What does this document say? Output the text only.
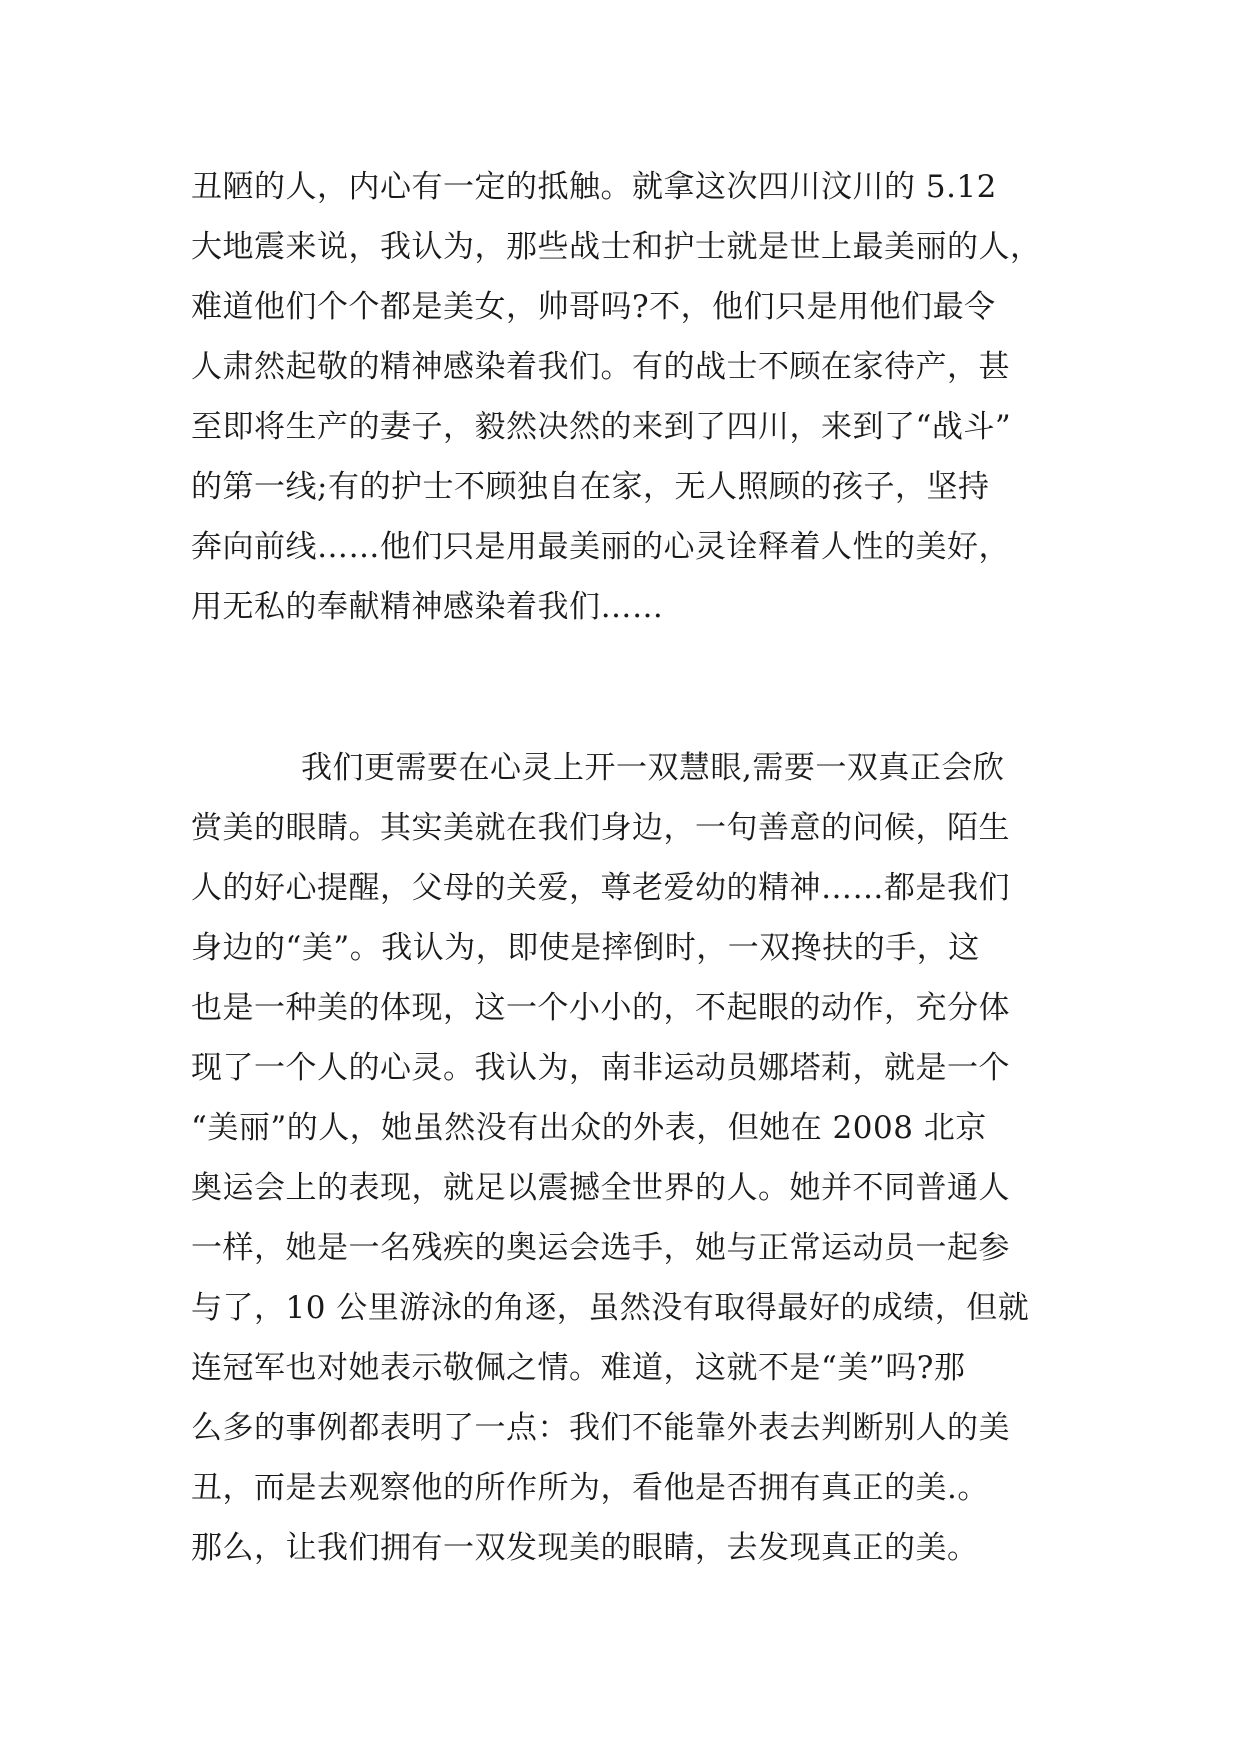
丑陋的人，内心有一定的抵触。就拿这次四川汶川的 5.12
大地震来说，我认为，那些战士和护士就是世上最美丽的人，
难道他们个个都是美女，帅哥吗?不，他们只是用他们最令
人肃然起敬的精神感染着我们。有的战士不顾在家待产，甚
至即将生产的妻子，毅然决然的来到了四川，来到了“战斗”
的第一线;有的护士不顾独自在家，无人照顾的孩子，坚持
奔向前线……他们只是用最美丽的心灵诠释着人性的美好，
用无私的奉献精神感染着我们……
我们更需要在心灵上开一双慧眼,需要一双真正会欣
赏美的眼睛。其实美就在我们身边，一句善意的问候，陌生
人的好心提醒，父母的关爱，尊老爱幼的精神……都是我们
身边的“美”。我认为，即使是摔倒时，一双搀扶的手，这
也是一种美的体现，这一个小小的，不起眼的动作，充分体
现了一个人的心灵。我认为，南非运动员娜塔莉，就是一个
“美丽”的人，她虽然没有出众的外表，但她在 2008 北京
奥运会上的表现，就足以震撼全世界的人。她并不同普通人
一样，她是一名残疾的奥运会选手，她与正常运动员一起参
与了，10 公里游泳的角逐，虽然没有取得最好的成绩，但就
连冠军也对她表示敬佩之情。难道，这就不是“美”吗?那
么多的事例都表明了一点：我们不能靠外表去判断别人的美
丑，而是去观察他的所作所为，看他是否拥有真正的美.。
那么，让我们拥有一双发现美的眼睛，去发现真正的美。
